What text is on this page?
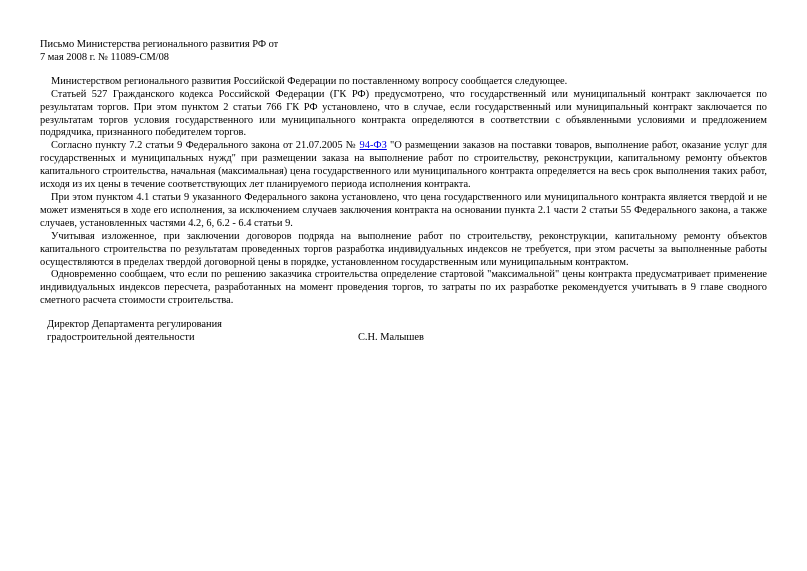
Письмо Министерства регионального развития РФ от
7 мая 2008 г. № 11089-СМ/08

Министерством регионального развития Российской Федерации по поставленному вопросу сообщается следующее.

Статьей 527 Гражданского кодекса Российской Федерации (ГК РФ) предусмотрено, что государственный или муниципальный контракт заключается по результатам торгов. При этом пунктом 2 статьи 766 ГК РФ установлено, что в случае, если государственный или муниципальный контракт заключается по результатам торгов условия государственного или муниципального контракта определяются в соответствии с объявленными условиями и предложением подрядчика, признанного победителем торгов.

Согласно пункту 7.2 статьи 9 Федерального закона от 21.07.2005 № 94-ФЗ "О размещении заказов на поставки товаров, выполнение работ, оказание услуг для государственных и муниципальных нужд" при размещении заказа на выполнение работ по строительству, реконструкции, капитальному ремонту объектов капитального строительства, начальная (максимальная) цена государственного или муниципального контракта определяется на весь срок выполнения таких работ, исходя из их цены в течение соответствующих лет планируемого периода исполнения контракта.

При этом пунктом 4.1 статьи 9 указанного Федерального закона установлено, что цена государственного или муниципального контракта является твердой и не может изменяться в ходе его исполнения, за исключением случаев заключения контракта на основании пункта 2.1 части 2 статьи 55 Федерального закона, а также случаев, установленных частями 4.2, 6, 6.2 - 6.4 статьи 9.

Учитывая изложенное, при заключении договоров подряда на выполнение работ по строительству, реконструкции, капитальному ремонту объектов капитального строительства по результатам проведенных торгов разработка индивидуальных индексов не требуется, при этом расчеты за выполненные работы осуществляются в пределах твердой договорной цены в порядке, установленном государственным или муниципальным контрактом.

Одновременно сообщаем, что если по решению заказчика строительства определение стартовой "максимальной" цены контракта предусматривает применение индивидуальных индексов пересчета, разработанных на момент проведения торгов, то затраты по их разработке рекомендуется учитывать в 9 главе сводного сметного расчета стоимости строительства.

Директор Департамента регулирования
градостроительной деятельности	С.Н. Малышев
